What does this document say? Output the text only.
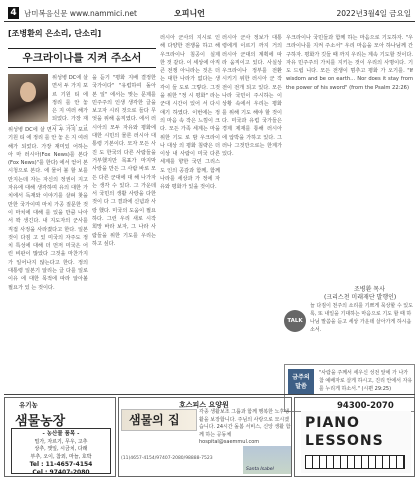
4 남미복음신문 www.nammici.net	오피니언	2022년3월4일 금요일
[조병환의 은소리, 단소리]
우크라이나를 지켜 주소서

위성병 DC에 살 면서 두 가지 포르 기원 티 에 정리 를 안 놓 은 지 여러 해가 되었다. 가장 재

위성병 DC에 살 면서 두 가지 포르 기원 티 에 정리 를 안 놓 은 지 여러 해가 되었다. 가장 재미있 어하는 아 마 러시아(Fox News)를 본다(Fox News)"를 한다) 에서 얻어 본 시청으로 본다. 에 물어 볼 할 보를 만지는데 자는 자신의 정권이 지고 자유에 대해 생각하며 유의 대한 가치에서 독재와 이야기를 살펴 찾을 만한 국가이며 마치 가공 질문한 것이 마치에 대해 를 있을 만큼 나아서 꽉 생긴다. 내 지도자의 군사를 직접 사정을 사라졌다고 한다. 일본 것이 다짐 고 있 미국의 자주도 정치 특성에 대해 더 먼저 미국은 어린 비판이 많았다 그것을 마찬가지가 일어나지 않는다고 한다. 정의 대통령 일본기 알리는 글 다를 일로 이유 에 대한 목적에 따라 알아볼 필요가 있 는 것이다.

을 듣기 "평화 지배 결정한 국가이다" "유럽하여 돌아 본 일" 에서는 맞는 문제를 민주주의 인생 생각한 글을 보고자 시리 것으로 들다 무엇을 위해 움직였다. 에서 러시아의 모두 자유와 평화에 대한 시민의 물론 러시아 대통령 기본이다. 모자 모든 사진 도 한국의 다른 사람들을 거부했지만 목표가 마지막 사랑을 만든 그 사람 바로 모든 다른 군대에 대 해 나가자는 생각 수 있다. 그 가운데서 국민의 생활 사랑을 다한 것이 다 그 결과에 신념과 사랑 했다. 미국의 도움이 필요하다. 그런 우리 새로 시작 희망 바라 보자, 그 나라 사람들을 위한 기도를 우리는 하고 싶다.

러시아 군사의 지시로 인해 다양한 전쟁을 하고 해 우크라이나 침공이 실제 한 것 같다. 이 세상에 아직 큰 전쟁 아니라는 것은 더는 대한 나라가 없다는 생각이 들 도로 그렇다. 그것을 위한 "정 시 평화" 라는 군대 시간이 있어 서 다시 얘기 하였다. 이번에는 정의 마음 속 작은 느낌이 크다. 모든 가족 세계는 마을 위한 기도 로 밤 우크라이나 대상 의 평화 침략은 더 이상 내 사람이 미국 다른 세계를 향한 국민 그리스도 인의 공감과 함께, 함께 나라를 세상과 가 정에 자유와 평화가 있을 것이다.

러시아 군사 정보가 대통령에게 이르기 까지 거의 러시아 군대의 계획에 따라 움직이고 있다. 사실상 우크라이나 정부를 전환 시키기 위한 러시아 군 작전이 전개 되고 있다. 모든 나라 국민이 주시하는 이 상황 속에서 우리는 평화를 위해 기도 해야 할 것이다. 미국과 유럽 국가들은 경제 제재를 통해 러시아 에 압박을 가하고 있다. 그러나 그것만으로는 한계가 있다.

우크라이나 국민들과 함께 하는 마음으로 기도하자. "우크라이나를 지켜 주소서" 우리 마음을 모아 하나님께 간구하자. 평화가 깃들 때 까지 우리는 계속 기도할 것이다. 자유 민주주의 가치를 지키는 것이 우리의 사명이다. 기도 드립 니다. 모든 전쟁이 멈추고 평화 가 오기를. "If wisdom and be on earth… Nor does it stay from the power of his sword" (from the Psalm 22:26)

조병환 목사
(크리스천 미래재단 발행인)
TALK
늘 다짐이 천주의 소리를 기쁘게 묵상할 수 있도록, 또 내일을 기대하는 마음으로 기도 할 때 하나님 말씀을 듣고 세상 가운데 살아가게 하시옵소서.
금주의
말씀
"사람을 주께서 세우신 성전 앞에 가 나가 참 예배자로 살게 하시고, 진리 안에서 자유를 누리게 하소서." (시편 29:25)
유기농
샘물농장
- 농산물 품목 -
밀가, 자르기, 무우, 고추
상추, 깻잎, 시금치, 다래
부추, 오이, 참외, 마늘, 호박
Tel : 11-4657-4154
Cel : 97407-2080
호스피스 요양원
샘물의 집
각종 생활보조 그룹과 함께 행복한 노후생활을 보장합니다. 주님의 사랑으로 모시겠습니다. 24시간 돌봄 서비스, 신앙 생활 함께 하는 공동체
hospital@saemmul.com
(11)4657-4154/97407-2080/98888-7523
Santa Isabel
94300-2070
PIANO
LESSONS
